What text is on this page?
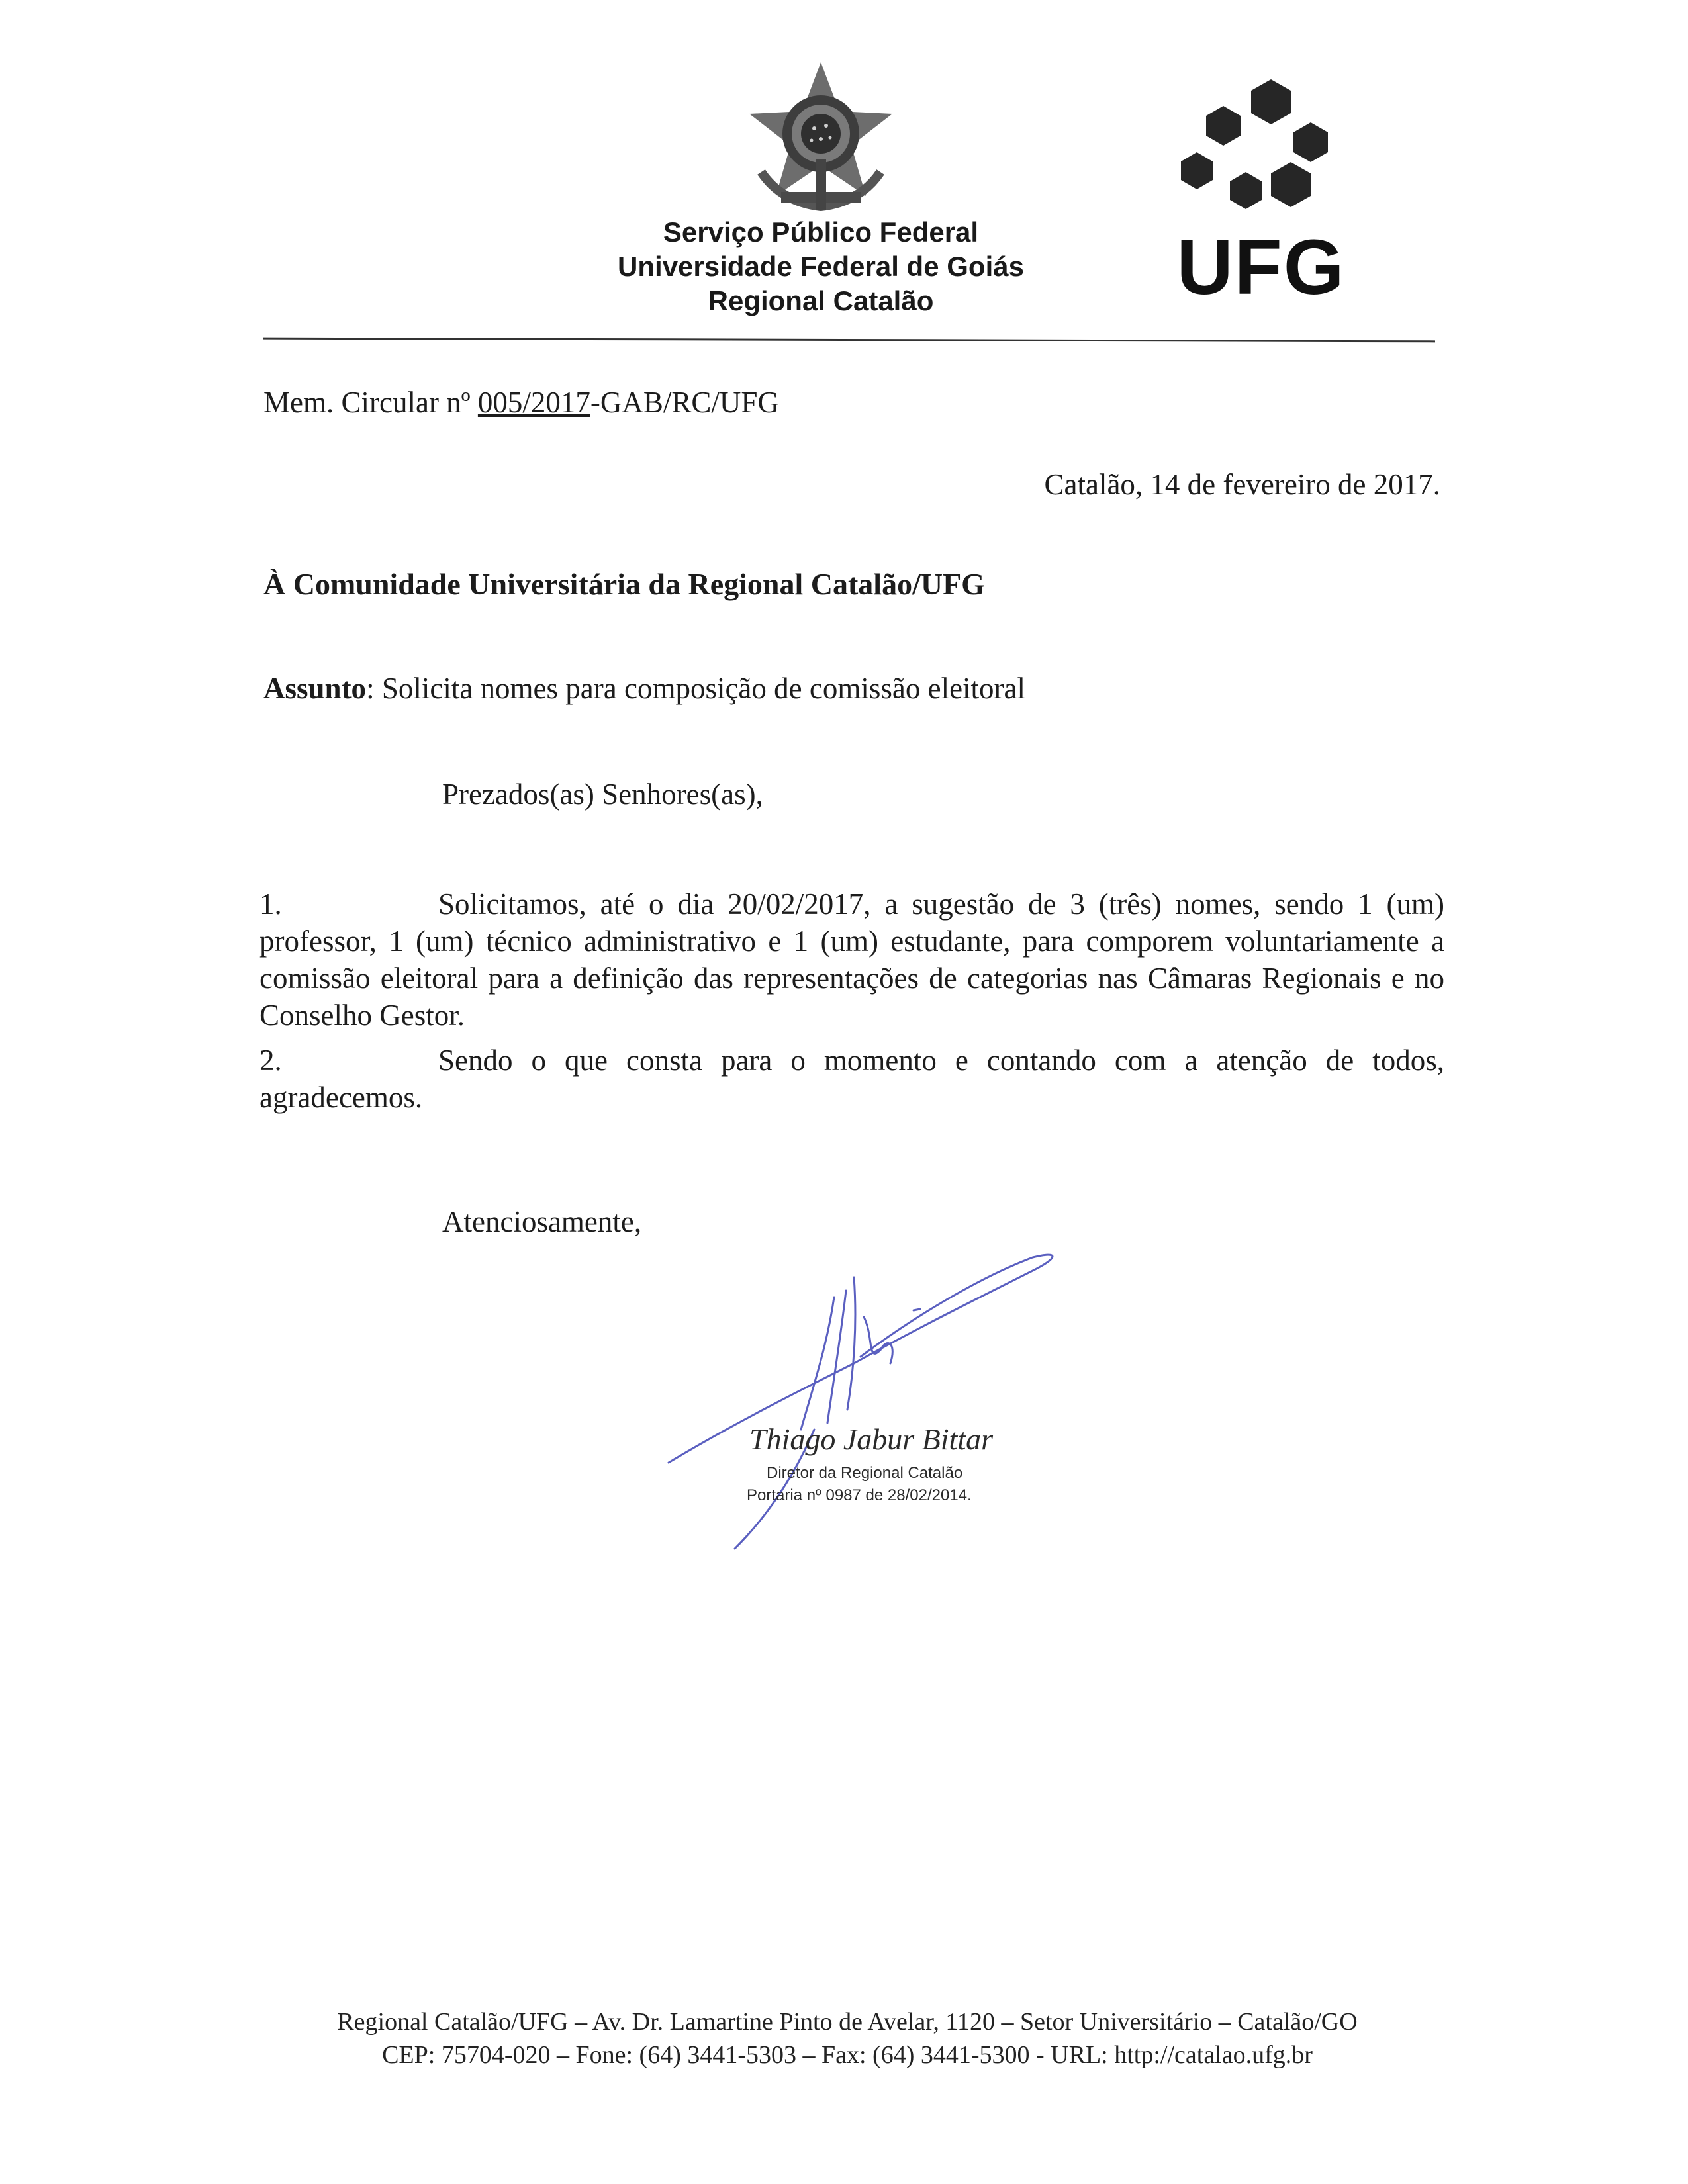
UFG
Serviço Público Federal
Universidade Federal de Goiás
Regional Catalão
Mem. Circular nº 005/2017-GAB/RC/UFG
Catalão, 14 de fevereiro de 2017.
À Comunidade Universitária da Regional Catalão/UFG
Assunto: Solicita nomes para composição de comissão eleitoral
Prezados(as) Senhores(as),
1.	Solicitamos, até o dia 20/02/2017, a sugestão de 3 (três) nomes, sendo 1 (um) professor, 1 (um) técnico administrativo e 1 (um) estudante, para comporem voluntariamente a comissão eleitoral para a definição das representações de categorias nas Câmaras Regionais e no Conselho Gestor.
2.	Sendo o que consta para o momento e contando com a atenção de todos, agradecemos.
Atenciosamente,
Thiago Jabur Bittar
Diretor da Regional Catalão
Portaria nº 0987 de 28/02/2014.
Regional Catalão/UFG – Av. Dr. Lamartine Pinto de Avelar, 1120 – Setor Universitário – Catalão/GO
CEP: 75704-020 – Fone: (64) 3441-5303 – Fax: (64) 3441-5300 - URL: http://catalao.ufg.br
